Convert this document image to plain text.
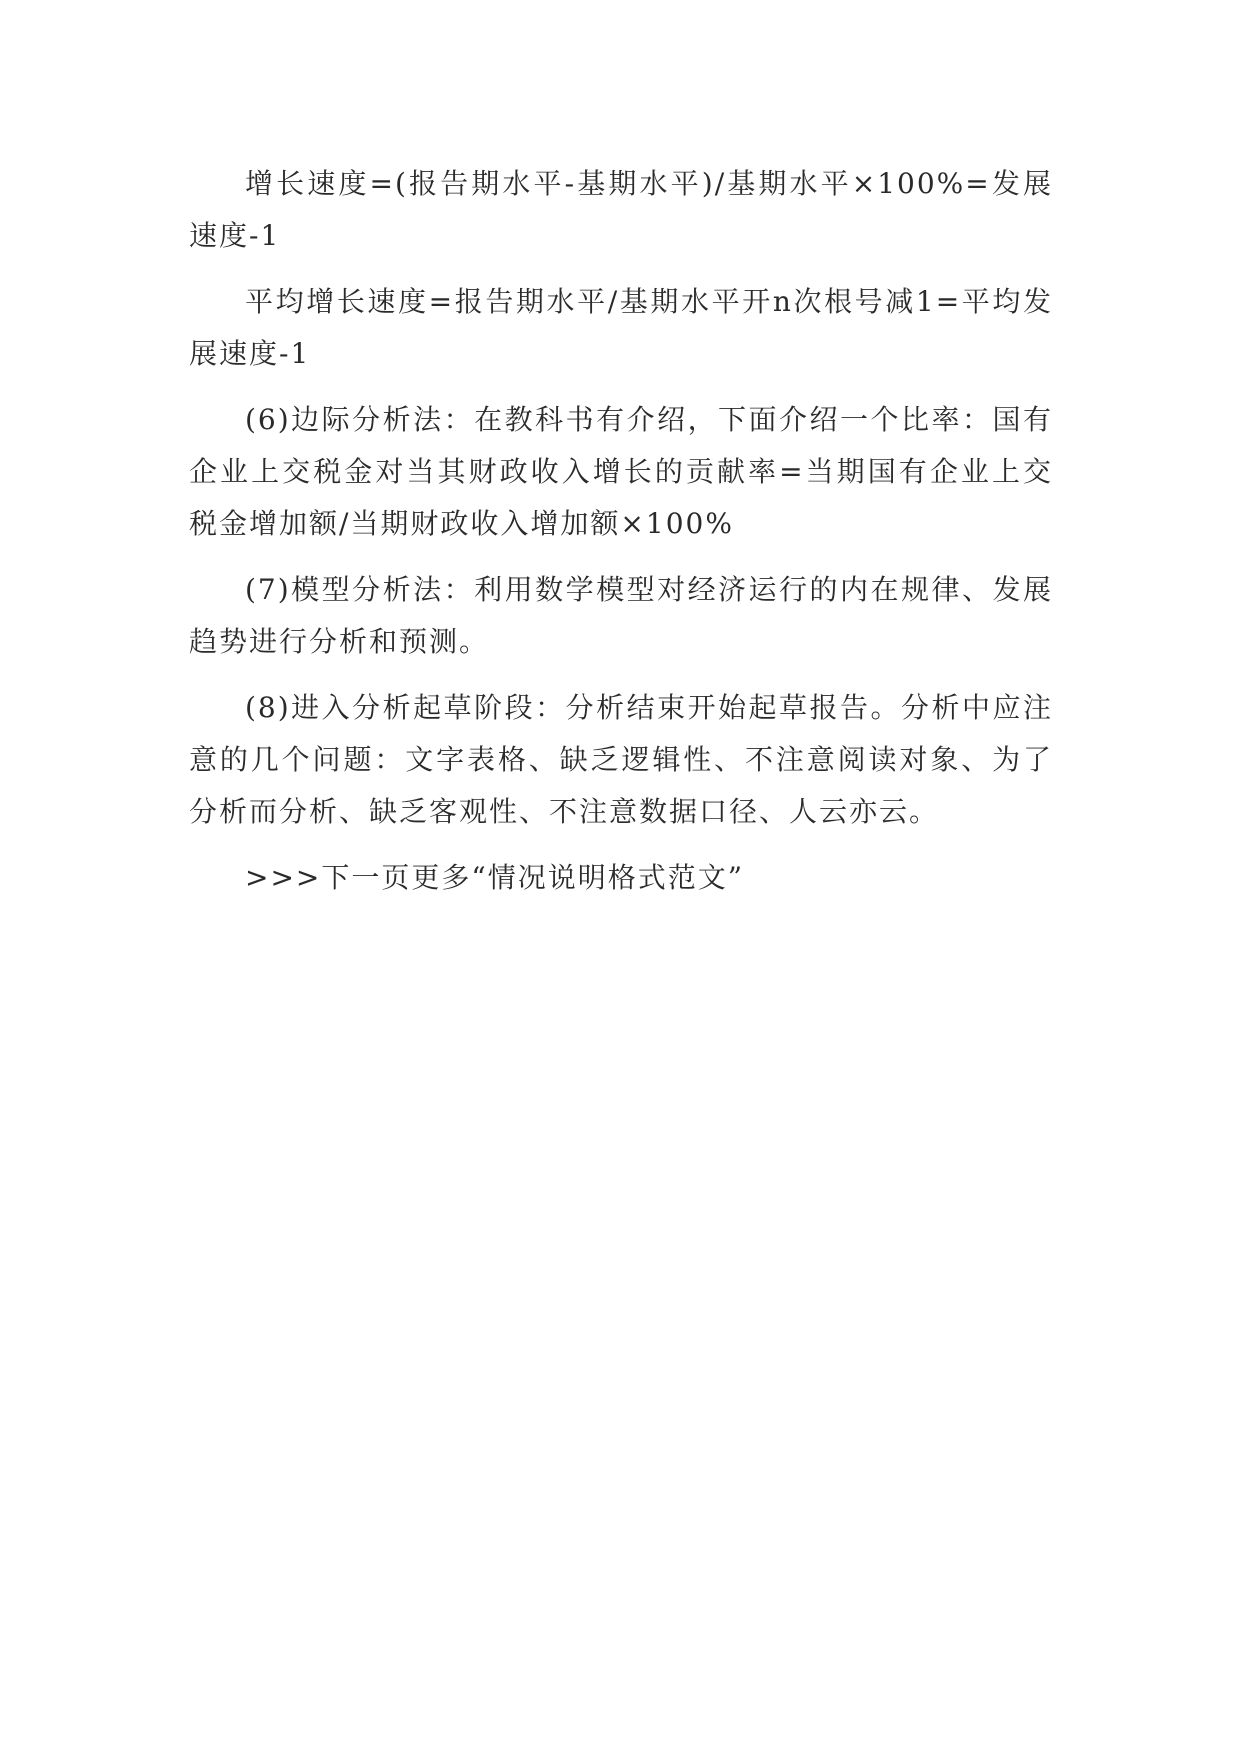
增长速度=(报告期水平-基期水平)/基期水平×100%=发展速度-1

平均增长速度=报告期水平/基期水平开n次根号减1=平均发展速度-1

(6)边际分析法：在教科书有介绍，下面介绍一个比率：国有企业上交税金对当其财政收入增长的贡献率=当期国有企业上交税金增加额/当期财政收入增加额×100%

(7)模型分析法：利用数学模型对经济运行的内在规律、发展趋势进行分析和预测。

(8)进入分析起草阶段：分析结束开始起草报告。分析中应注意的几个问题：文字表格、缺乏逻辑性、不注意阅读对象、为了分析而分析、缺乏客观性、不注意数据口径、人云亦云。

>>>下一页更多“情况说明格式范文”
